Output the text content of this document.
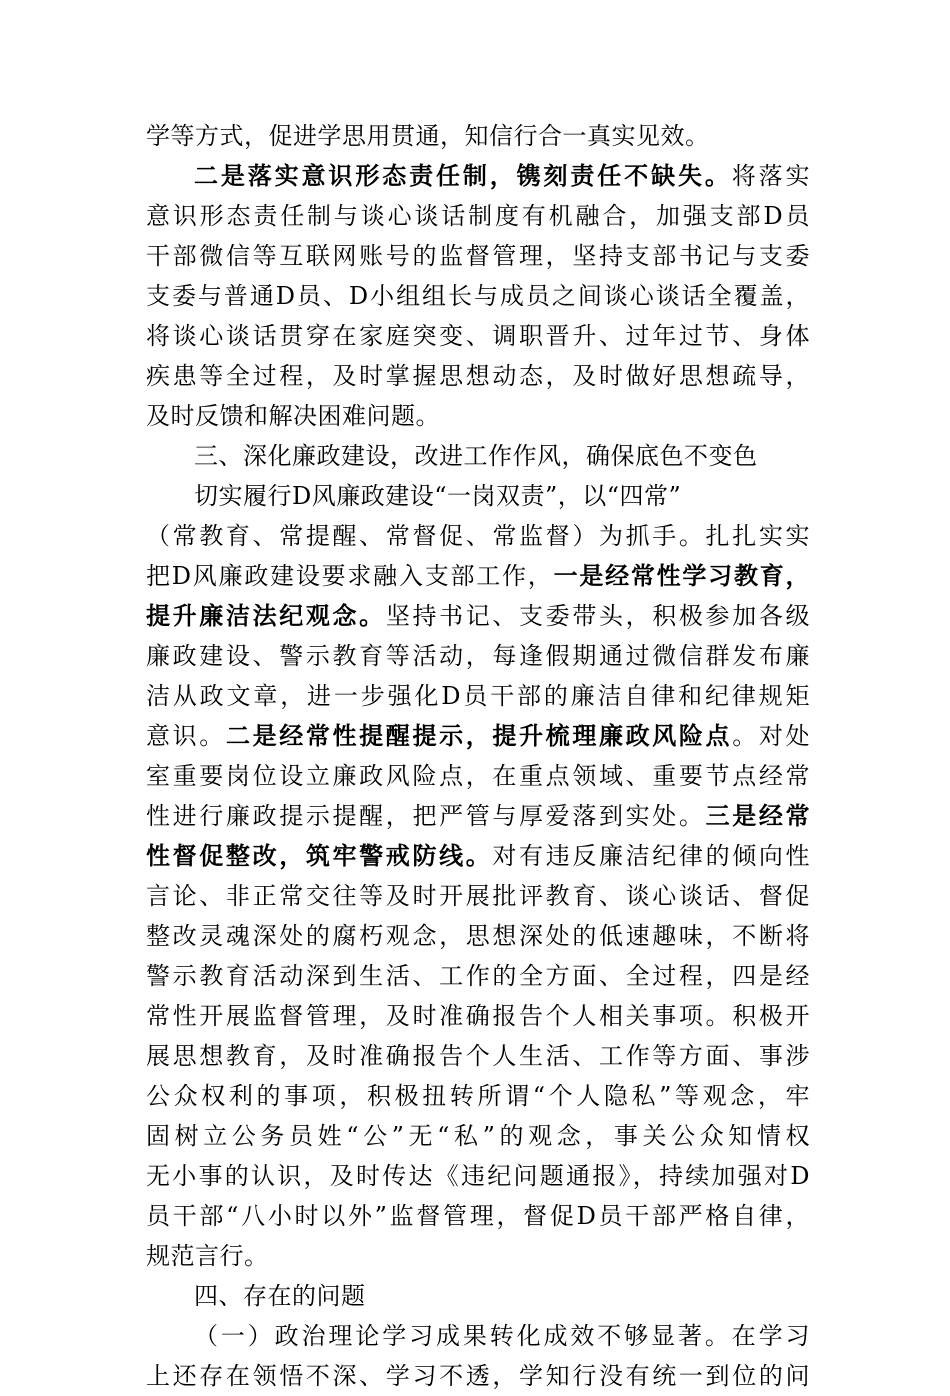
学等方式，促进学思用贯通，知信行合一真实见效。
二是落实意识形态责任制，镌刻责任不缺失。将落实
意识形态责任制与谈心谈话制度有机融合，加强支部D员
干部微信等互联网账号的监督管理，坚持支部书记与支委
支委与普通D员、D小组组长与成员之间谈心谈话全覆盖，
将谈心谈话贯穿在家庭突变、调职晋升、过年过节、身体
疾患等全过程，及时掌握思想动态，及时做好思想疏导，
及时反馈和解决困难问题。
三、深化廉政建设，改进工作作风，确保底色不变色
切实履行D风廉政建设“一岗双责”，以“四常”
（常教育、常提醒、常督促、常监督）为抓手。扎扎实实
把D风廉政建设要求融入支部工作，一是经常性学习教育，
提升廉洁法纪观念。坚持书记、支委带头，积极参加各级
廉政建设、警示教育等活动，每逢假期通过微信群发布廉
洁从政文章，进一步强化D员干部的廉洁自律和纪律规矩
意识。二是经常性提醒提示，提升梳理廉政风险点。对处
室重要岗位设立廉政风险点，在重点领域、重要节点经常
性进行廉政提示提醒，把严管与厚爱落到实处。三是经常
性督促整改，筑牢警戒防线。对有违反廉洁纪律的倾向性
言论、非正常交往等及时开展批评教育、谈心谈话、督促
整改灵魂深处的腐朽观念，思想深处的低速趣味，不断将
警示教育活动深到生活、工作的全方面、全过程，四是经
常性开展监督管理，及时准确报告个人相关事项。积极开
展思想教育，及时准确报告个人生活、工作等方面、事涉
公众权利的事项，积极扭转所谓“个人隐私”等观念，牢
固树立公务员姓“公”无“私”的观念，事关公众知情权
无小事的认识，及时传达《违纪问题通报》，持续加强对D
员干部“八小时以外”监督管理，督促D员干部严格自律，
规范言行。
四、存在的问题
（一）政治理论学习成果转化成效不够显著。在学习
上还存在领悟不深、学习不透，学知行没有统一到位的问
